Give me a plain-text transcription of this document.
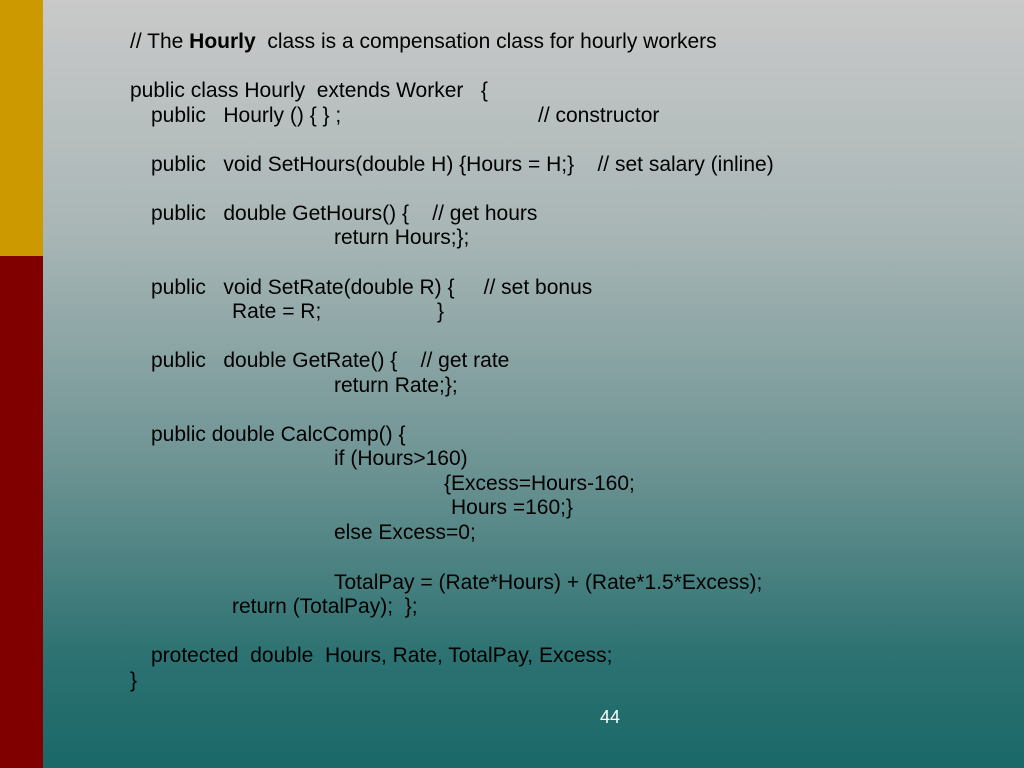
// The Hourly  class is a compensation class for hourly workers
public class Hourly  extends Worker   {
public   Hourly () { } ;	// constructor
public   void SetHours(double H) {Hours = H;}    // set salary (inline)
public   double GetHours() {    // get hours
return Hours;};
public   void SetRate(double R) {     // set bonus
Rate = R;	}
public   double GetRate() {    // get rate
return Rate;};
public double CalcComp() {
if (Hours>160)
{Excess=Hours-160;
Hours =160;}
else Excess=0;
TotalPay = (Rate*Hours) + (Rate*1.5*Excess);
return (TotalPay);  };
protected  double  Hours, Rate, TotalPay, Excess;
}
44
